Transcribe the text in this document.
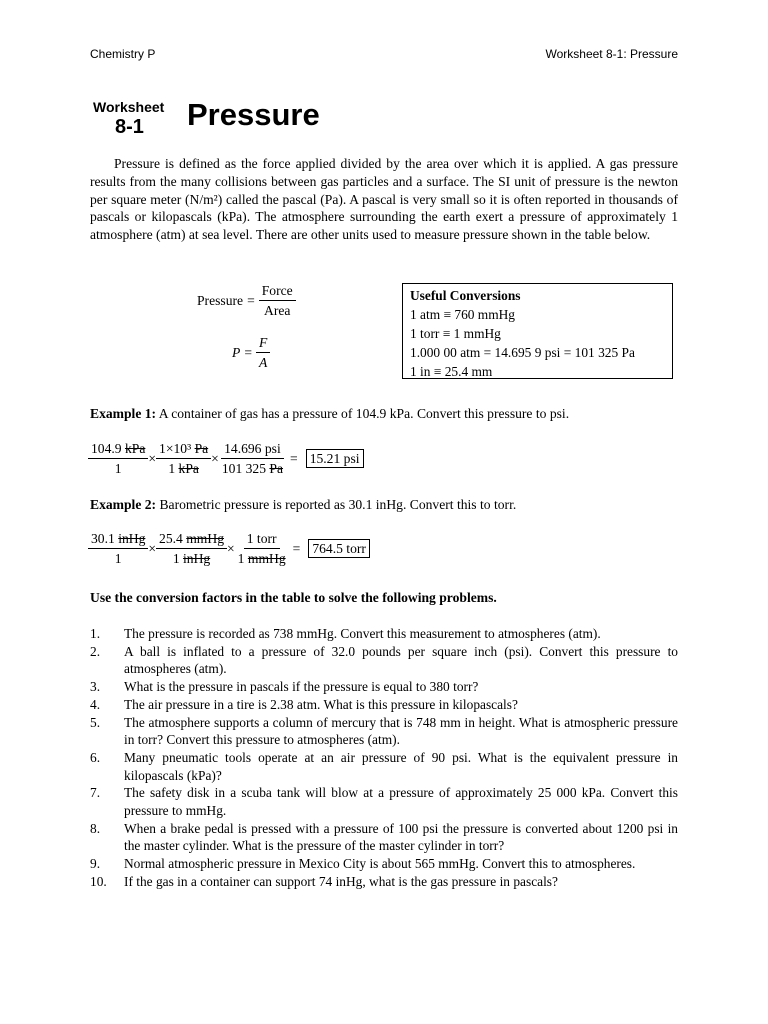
Chemistry P	Worksheet 8-1: Pressure
Worksheet
8-1 Pressure

Pressure is defined as the force applied divided by the area over which it is applied. A gas pressure results from the many collisions between gas particles and a surface. The SI unit of pressure is the newton per square meter (N/m²) called the pascal (Pa). A pascal is very small so it is often reported in thousands of pascals or kilopascals (kPa). The atmosphere surrounding the earth exert a pressure of approximately 1 atmosphere (atm) at sea level. There are other units used to measure pressure shown in the table below.

Pressure = $\frac{\text{Force}}{\text{Area}}$
$P = \frac{F}{A}$
Useful Conversions
1 atm ≡ 760 mmHg
1 torr ≡ 1 mmHg
1.000 00 atm = 14.695 9 psi = 101 325 Pa
1 in ≡ 25.4 mm
Example 1: A container of gas has a pressure of 104.9 kPa. Convert this pressure to psi.
$\frac{\text{104.9 kPa}}{1} \times \frac{\text{1×10³ Pa}}{\text{1 kPa}} \times \frac{\text{14.696 psi}}{101 325 Pa} = 15.21$ psi
Example 2: Barometric pressure is reported as 30.1 inHg. Convert this to torr.
$\frac{\text{30.1 inHg}}{1} \times \frac{\text{25.4 mmHg}}{\text{1 inHg}} \times \frac{\text{1 torr}}{\text{1 mmHg}} = 764.5$ torr
Use the conversion factors in the table to solve the following problems.
1.	The pressure is recorded as 738 mmHg. Convert this measurement to atmospheres (atm).
2.	A ball is inflated to a pressure of 32.0 pounds per square inch (psi). Convert this pressure to atmospheres (atm).
3.	What is the pressure in pascals if the pressure is equal to 380 torr?
4.	The air pressure in a tire is 2.38 atm. What is this pressure in kilopascals?
5.	The atmosphere supports a column of mercury that is 748 mm in height. What is atmospheric pressure in torr? Convert this pressure to atmospheres (atm).
6.	Many pneumatic tools operate at an air pressure of 90 psi. What is the equivalent pressure in kilopascals (kPa)?
7.	The safety disk in a scuba tank will blow at a pressure of approximately 25 000 kPa. Convert this pressure to mmHg.
8.	When a brake pedal is pressed with a pressure of 100 psi the pressure is converted about 1200 psi in the master cylinder. What is the pressure of the master cylinder in torr?
9.	Normal atmospheric pressure in Mexico City is about 565 mmHg. Convert this to atmospheres.
10.	If the gas in a container can support 74 inHg, what is the gas pressure in pascals?
